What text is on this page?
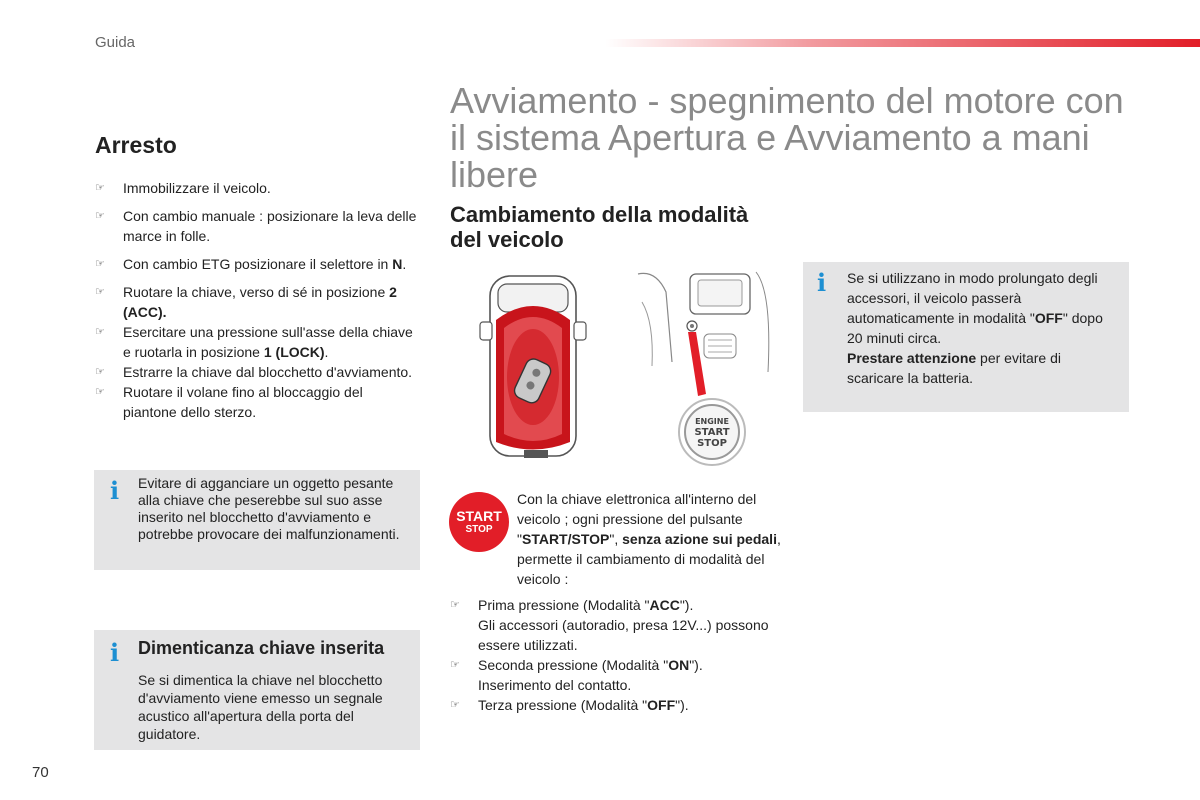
Guida
Arresto
☞ Immobilizzare il veicolo.
☞ Con cambio manuale : posizionare la leva delle marce in folle.
☞ Con cambio ETG posizionare il selettore in N.
☞ Ruotare la chiave, verso di sé in posizione 2 (ACC).
☞ Esercitare una pressione sull'asse della chiave e ruotarla in posizione 1 (LOCK).
☞ Estrarre la chiave dal blocchetto d'avviamento.
☞ Ruotare il volane fino al bloccaggio del piantone dello sterzo.
i Evitare di agganciare un oggetto pesante alla chiave che peserebbe sul suo asse inserito nel blocchetto d'avviamento e potrebbe provocare dei malfunzionamenti.
i Dimenticanza chiave inserita
Se si dimentica la chiave nel blocchetto d'avviamento viene emesso un segnale acustico all'apertura della porta del guidatore.
70
Avviamento - spegnimento del motore con il sistema Apertura e Avviamento a mani libere
Cambiamento della modalità del veicolo
ENGINE
START
STOP
START
STOP
Con la chiave elettronica all'interno del veicolo ; ogni pressione del pulsante "START/STOP", senza azione sui pedali, permette il cambiamento di modalità del veicolo :
☞ Prima pressione (Modalità "ACC").
Gli accessori (autoradio, presa 12V...) possono essere utilizzati.
☞ Seconda pressione (Modalità "ON").
Inserimento del contatto.
☞ Terza pressione (Modalità "OFF").
i Se si utilizzano in modo prolungato degli accessori, il veicolo passerà automaticamente in modalità "OFF" dopo 20 minuti circa.
Prestare attenzione per evitare di scaricare la batteria.
